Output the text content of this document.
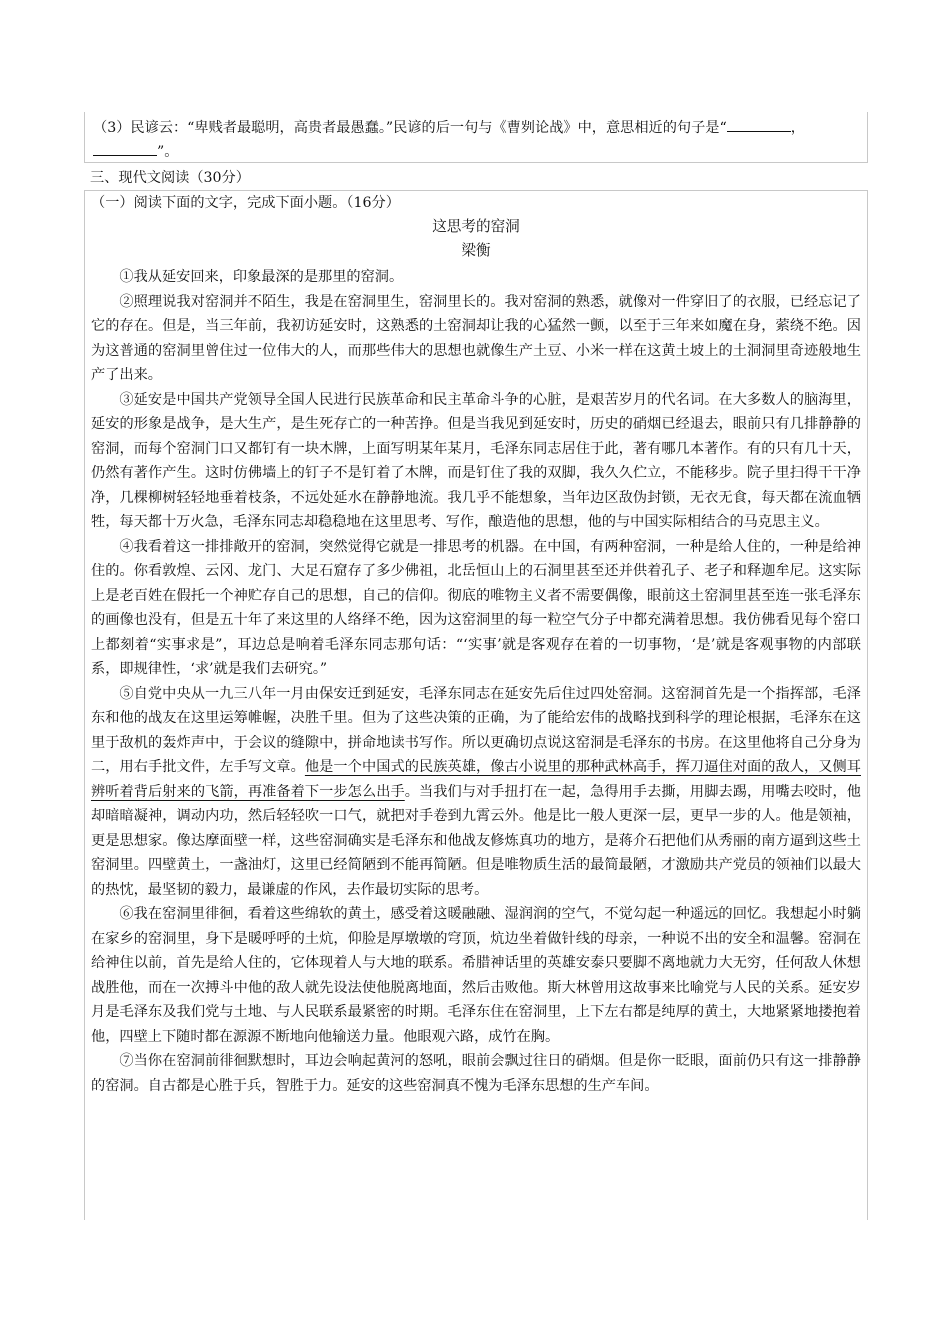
（3）民谚云：“卑贱者最聪明，高贵者最愚蠢。”民谚的后一句与《曹刿论战》中，意思相近的句子是“	，”。
三、现代文阅读（30分）
（一）阅读下面的文字，完成下面小题。（16分）
这思考的窑洞
梁衡

①我从延安回来，印象最深的是那里的窑洞。

②照理说我对窑洞并不陌生，我是在窑洞里生，窑洞里长的。我对窑洞的熟悉，就像对一件穿旧了的衣服，已经忘记了它的存在。但是，当三年前，我初访延安时，这熟悉的土窑洞却让我的心猛然一颤，以至于三年来如魔在身，萦绕不绝。因为这普通的窑洞里曾住过一位伟大的人，而那些伟大的思想也就像生产土豆、小米一样在这黄土坡上的土洞洞里奇迹般地生产了出来。

③延安是中国共产党领导全国人民进行民族革命和民主革命斗争的心脏，是艰苦岁月的代名词。在大多数人的脑海里，延安的形象是战争，是大生产，是生死存亡的一种苦挣。但是当我见到延安时，历史的硝烟已经退去，眼前只有几排静静的窑洞，而每个窑洞门口又都钉有一块木牌，上面写明某年某月，毛泽东同志居住于此，著有哪几本著作。有的只有几十天，仍然有著作产生。这时仿佛墙上的钉子不是钉着了木牌，而是钉住了我的双脚，我久久伫立，不能移步。院子里扫得干干净净，几棵柳树轻轻地垂着枝条，不远处延水在静静地流。我几乎不能想象，当年边区敌伪封锁，无衣无食，每天都在流血牺牲，每天都十万火急，毛泽东同志却稳稳地在这里思考、写作，酿造他的思想，他的与中国实际相结合的马克思主义。

④我看着这一排排敞开的窑洞，突然觉得它就是一排思考的机器。在中国，有两种窑洞，一种是给人住的，一种是给神住的。你看敦煌、云冈、龙门、大足石窟存了多少佛祖，北岳恒山上的石洞里甚至还并供着孔子、老子和释迦牟尼。这实际上是老百姓在假托一个神贮存自己的思想，自己的信仰。彻底的唯物主义者不需要偶像，眼前这土窑洞里甚至连一张毛泽东的画像也没有，但是五十年了来这里的人络绎不绝，因为这窑洞里的每一粒空气分子中都充满着思想。我仿佛看见每个窑口上都刻着“实事求是”，耳边总是响着毛泽东同志那句话：“‘实事’就是客观存在着的一切事物，‘是’就是客观事物的内部联系，即规律性，‘求’就是我们去研究。”

⑤自党中央从一九三八年一月由保安迁到延安，毛泽东同志在延安先后住过四处窑洞。这窑洞首先是一个指挥部，毛泽东和他的战友在这里运筹帷幄，决胜千里。但为了这些决策的正确，为了能给宏伟的战略找到科学的理论根据，毛泽东在这里于敌机的轰炸声中，于会议的缝隙中，拼命地读书写作。所以更确切点说这窑洞是毛泽东的书房。在这里他将自己分身为二，用右手批文件，左手写文章。他是一个中国式的民族英雄，像古小说里的那种武林高手，挥刀逼住对面的敌人，又侧耳辨听着背后射来的飞箭，再准备着下一步怎么出手。当我们与对手扭打在一起，急得用手去撕，用脚去踢，用嘴去咬时，他却暗暗凝神，调动内功，然后轻轻吹一口气，就把对手卷到九霄云外。他是比一般人更深一层，更早一步的人。他是领袖，更是思想家。像达摩面壁一样，这些窑洞确实是毛泽东和他战友修炼真功的地方，是蒋介石把他们从秀丽的南方逼到这些土窑洞里。四壁黄土，一盏油灯，这里已经简陋到不能再简陋。但是唯物质生活的最简最陋，才激励共产党员的领袖们以最大的热忱，最坚韧的毅力，最谦虚的作风，去作最切实际的思考。

⑥我在窑洞里徘徊，看着这些绵软的黄土，感受着这暖融融、湿润润的空气，不觉勾起一种遥远的回忆。我想起小时躺在家乡的窑洞里，身下是暖呼呼的土炕，仰脸是厚墩墩的穹顶，炕边坐着做针线的母亲，一种说不出的安全和温馨。窑洞在给神住以前，首先是给人住的，它体现着人与大地的联系。希腊神话里的英雄安泰只要脚不离地就力大无穷，任何敌人休想战胜他，而在一次搏斗中他的敌人就先设法使他脱离地面，然后击败他。斯大林曾用这故事来比喻党与人民的关系。延安岁月是毛泽东及我们党与土地、与人民联系最紧密的时期。毛泽东住在窑洞里，上下左右都是纯厚的黄土，大地紧紧地搂抱着他，四壁上下随时都在源源不断地向他输送力量。他眼观六路，成竹在胸。

⑦当你在窑洞前徘徊默想时，耳边会响起黄河的怒吼，眼前会飘过往日的硝烟。但是你一眨眼，面前仍只有这一排静静的窑洞。自古都是心胜于兵，智胜于力。延安的这些窑洞真不愧为毛泽东思想的生产车间。
